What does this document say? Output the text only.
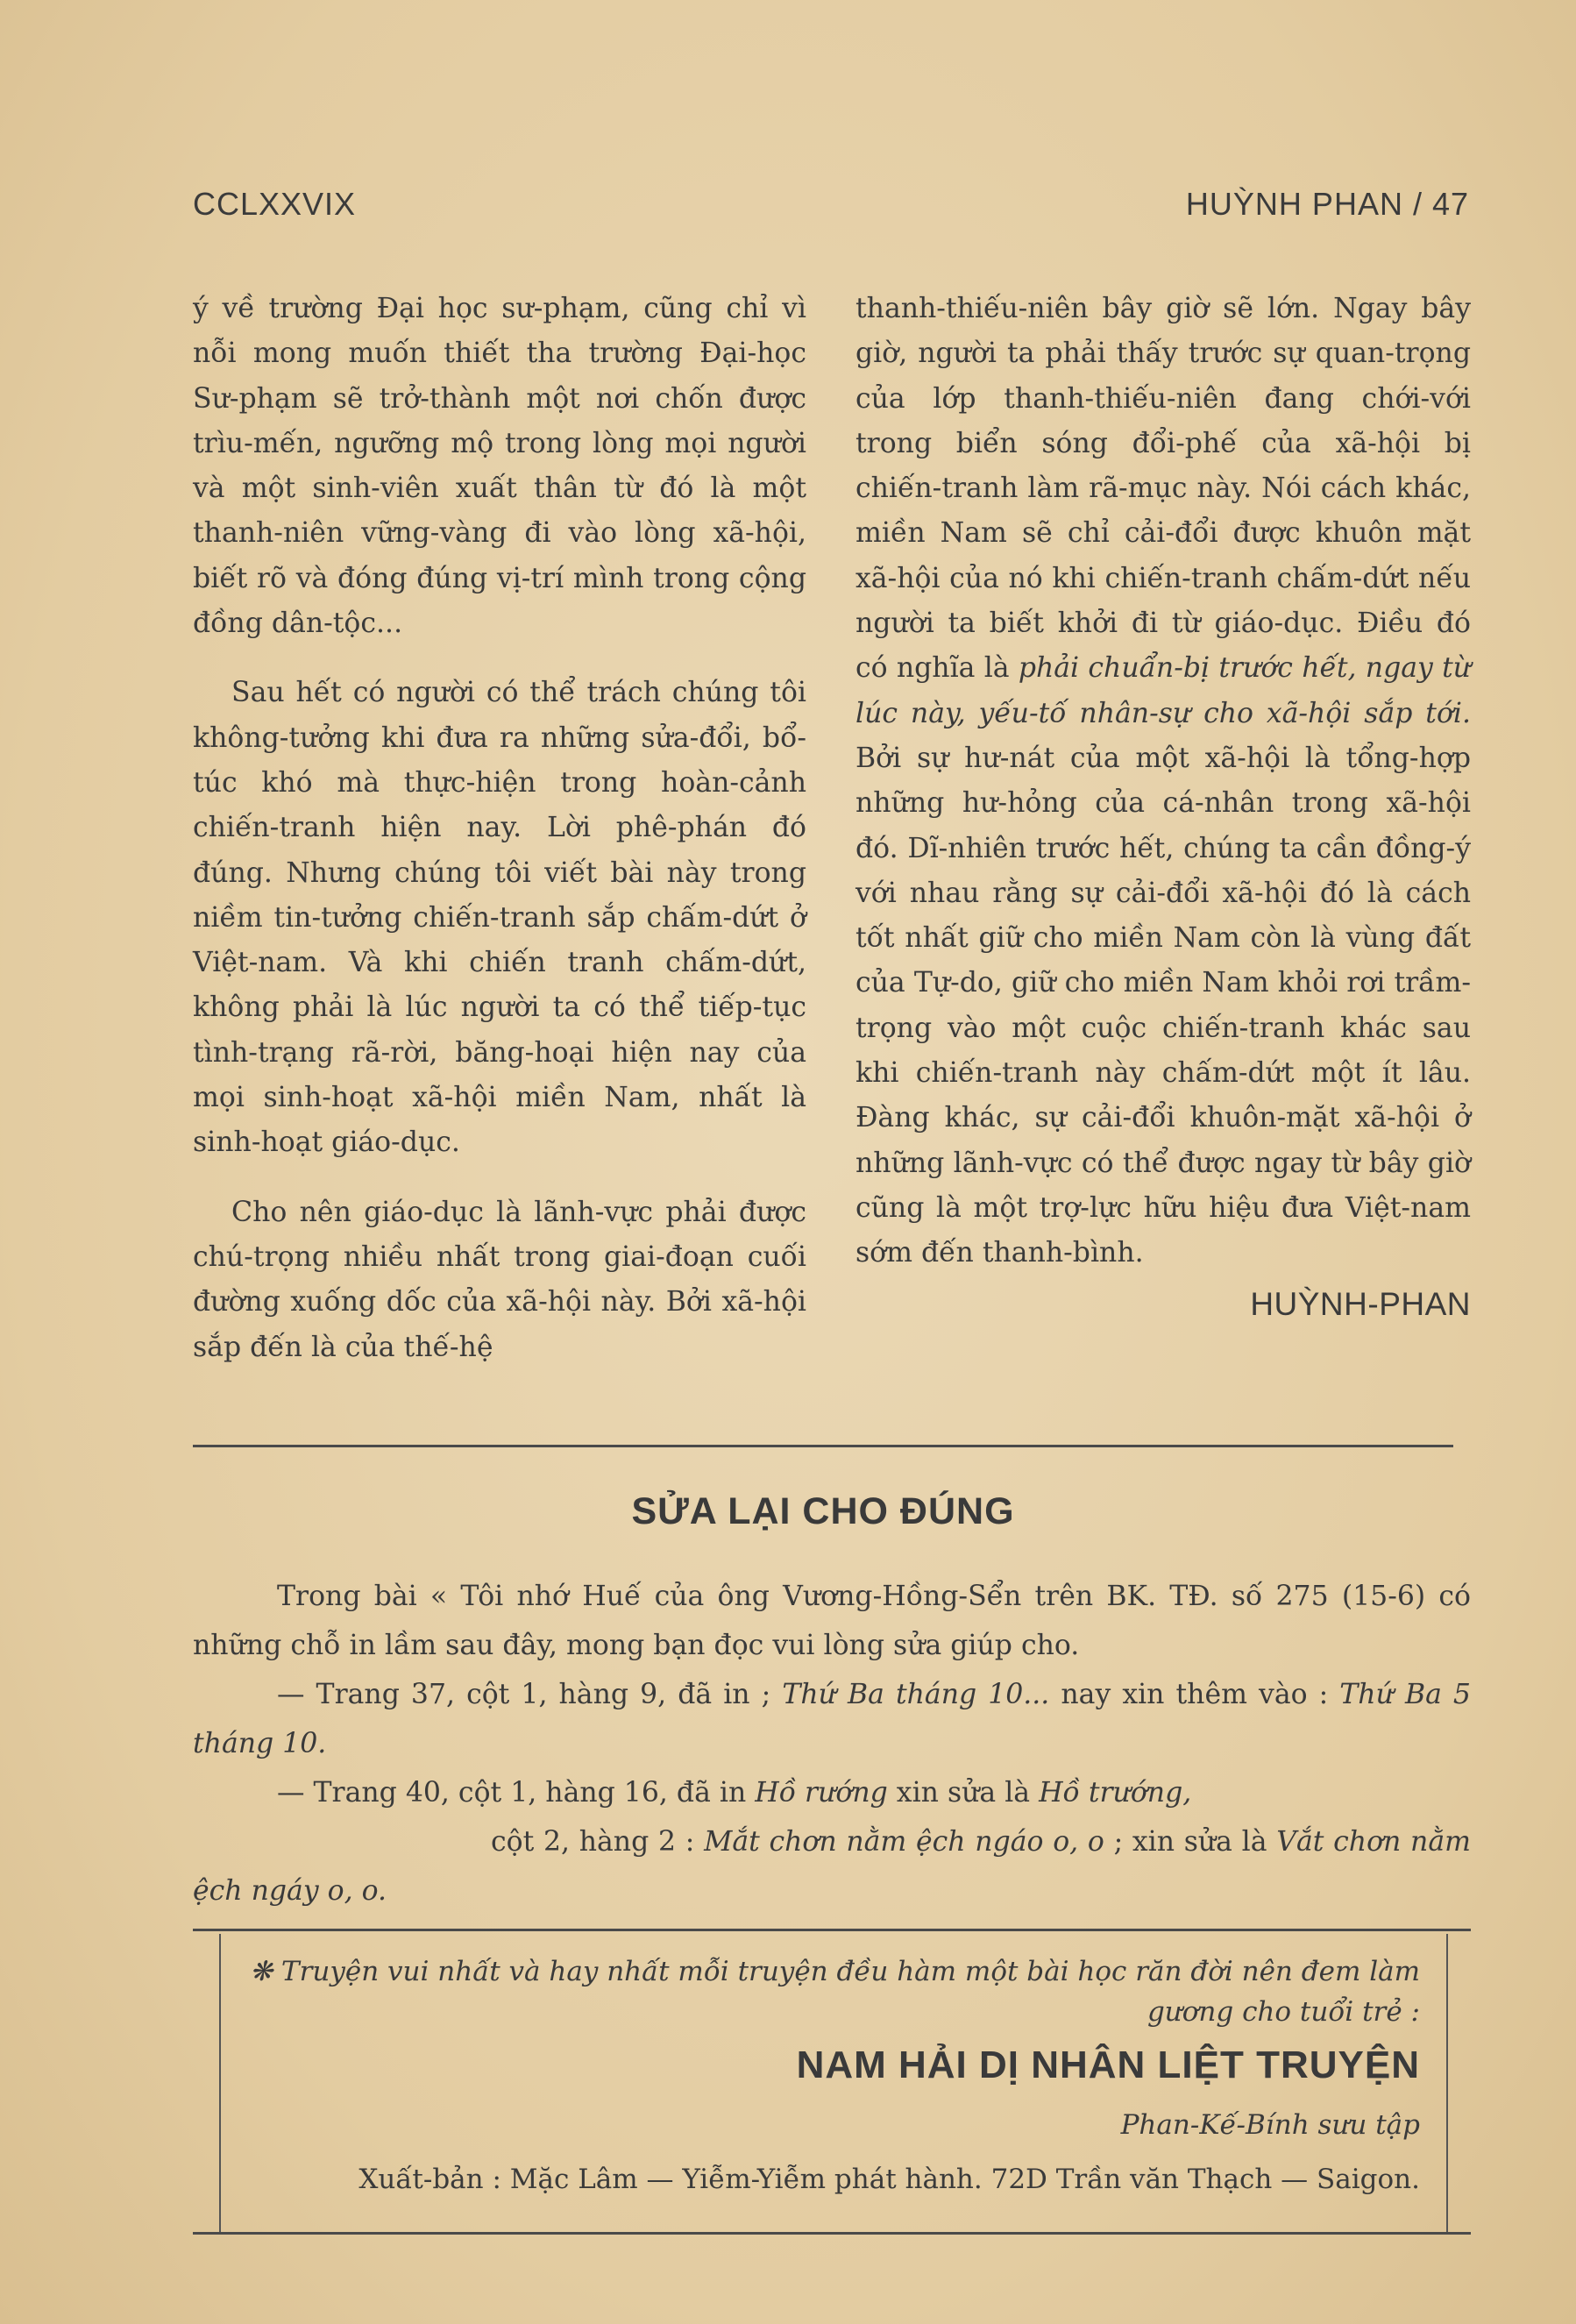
CCLXXVIX	HUỲNH PHAN / 47

ý về trường Đại học sư-phạm, cũng chỉ vì nỗi mong muốn thiết tha trường Đại-học Sư-phạm sẽ trở-thành một nơi chốn được trìu-mến, ngưỡng mộ trong lòng mọi người và một sinh-viên xuất thân từ đó là một thanh-niên vững-vàng đi vào lòng xã-hội, biết rõ và đóng đúng vị-trí mình trong cộng đồng dân-tộc...

Sau hết có người có thể trách chúng tôi không-tưởng khi đưa ra những sửa-đổi, bổ-túc khó mà thực-hiện trong hoàn-cảnh chiến-tranh hiện nay. Lời phê-phán đó đúng. Nhưng chúng tôi viết bài này trong niềm tin-tưởng chiến-tranh sắp chấm-dứt ở Việt-nam. Và khi chiến tranh chấm-dứt, không phải là lúc người ta có thể tiếp-tục tình-trạng rã-rời, băng-hoại hiện nay của mọi sinh-hoạt xã-hội miền Nam, nhất là sinh-hoạt giáo-dục.

Cho nên giáo-dục là lãnh-vực phải được chú-trọng nhiều nhất trong giai-đoạn cuối đường xuống dốc của xã-hội này. Bởi xã-hội sắp đến là của thế-hệ

thanh-thiếu-niên bây giờ sẽ lớn. Ngay bây giờ, người ta phải thấy trước sự quan-trọng của lớp thanh-thiếu-niên đang chới-với trong biển sóng đổi-phế của xã-hội bị chiến-tranh làm rã-mục này. Nói cách khác, miền Nam sẽ chỉ cải-đổi được khuôn mặt xã-hội của nó khi chiến-tranh chấm-dứt nếu người ta biết khởi đi từ giáo-dục. Điều đó có nghĩa là phải chuẩn-bị trước hết, ngay từ lúc này, yếu-tố nhân-sự cho xã-hội sắp tới. Bởi sự hư-nát của một xã-hội là tổng-hợp những hư-hỏng của cá-nhân trong xã-hội đó. Dĩ-nhiên trước hết, chúng ta cần đồng-ý với nhau rằng sự cải-đổi xã-hội đó là cách tốt nhất giữ cho miền Nam còn là vùng đất của Tự-do, giữ cho miền Nam khỏi rơi trầm-trọng vào một cuộc chiến-tranh khác sau khi chiến-tranh này chấm-dứt một ít lâu. Đàng khác, sự cải-đổi khuôn-mặt xã-hội ở những lãnh-vực có thể được ngay từ bây giờ cũng là một trợ-lực hữu hiệu đưa Việt-nam sớm đến thanh-bình.

HUỲNH-PHAN
SỬA LẠI CHO ĐÚNG

Trong bài « Tôi nhớ Huế của ông Vương-Hồng-Sển trên BK. TĐ. số 275 (15-6) có những chỗ in lầm sau đây, mong bạn đọc vui lòng sửa giúp cho.

— Trang 37, cột 1, hàng 9, đã in ; Thứ Ba tháng 10... nay xin thêm vào : Thứ Ba 5 tháng 10.

— Trang 40, cột 1, hàng 16, đã in Hồ rướng xin sửa là Hồ trướng,

cột 2, hàng 2 : Mắt chơn nằm ệch ngáo o, o ; xin sửa là Vắt chơn nằm ệch ngáy o, o.

❋ Truyện vui nhất và hay nhất mỗi truyện đều hàm một bài học răn đời nên đem làm gương cho tuổi trẻ :
NAM HẢI DỊ NHÂN LIỆT TRUYỆN
Phan-Kế-Bính sưu tập
Xuất-bản : Mặc Lâm — Yiễm-Yiễm phát hành. 72D Trần văn Thạch — Saigon.
